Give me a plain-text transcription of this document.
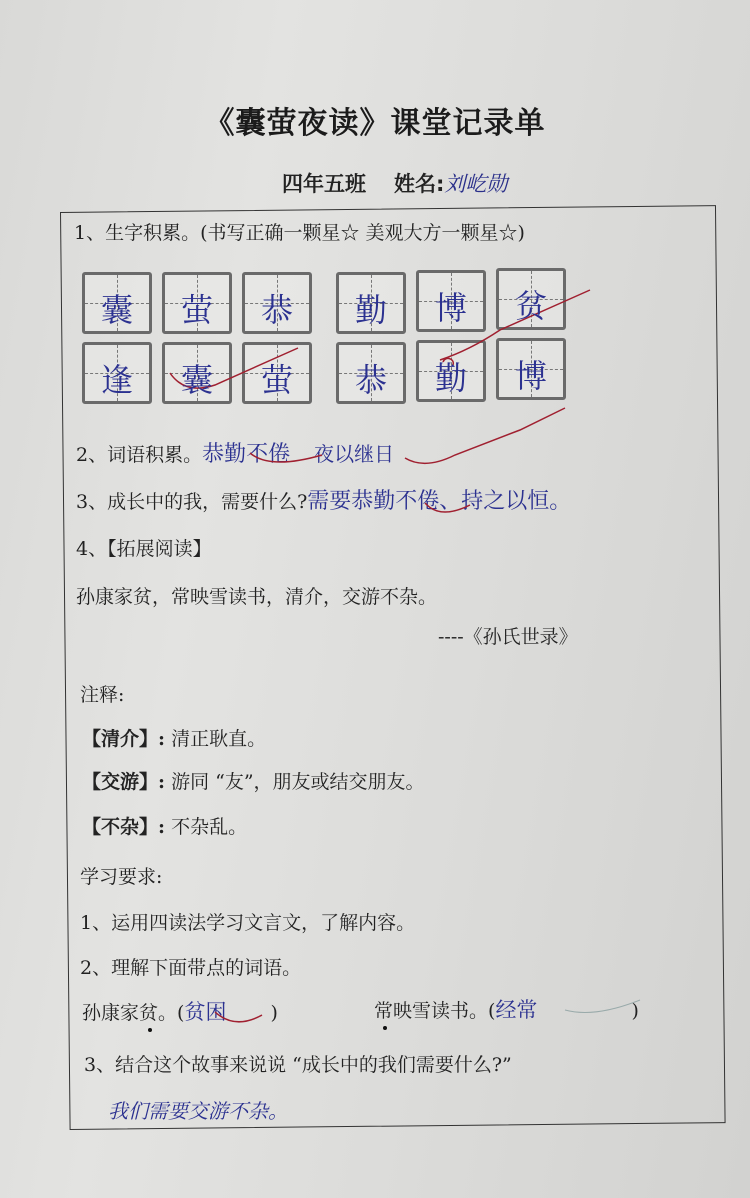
《囊萤夜读》课堂记录单
四年五班 姓名:刘屹勋
1、生字积累。(书写正确一颗星☆ 美观大方一颗星☆)
囊	萤	恭	勤	博	贫
逢	囊	萤	恭	勤	博
2、词语积累。恭勤不倦 夜以继日
3、成长中的我，需要什么?需要恭勤不倦、持之以恒。
4、【拓展阅读】
孙康家贫，常映雪读书，清介，交游不杂。
----《孙氏世录》
注释:
【清介】: 清正耿直。
【交游】: 游同 “友”，朋友或结交朋友。
【不杂】: 不杂乱。
学习要求:
1、运用四读法学习文言文，了解内容。
2、理解下面带点的词语。
孙康家贫。(贫困 )	常映雪读书。(经常	)
3、结合这个故事来说说 “成长中的我们需要什么?”
我们需要交游不杂。
